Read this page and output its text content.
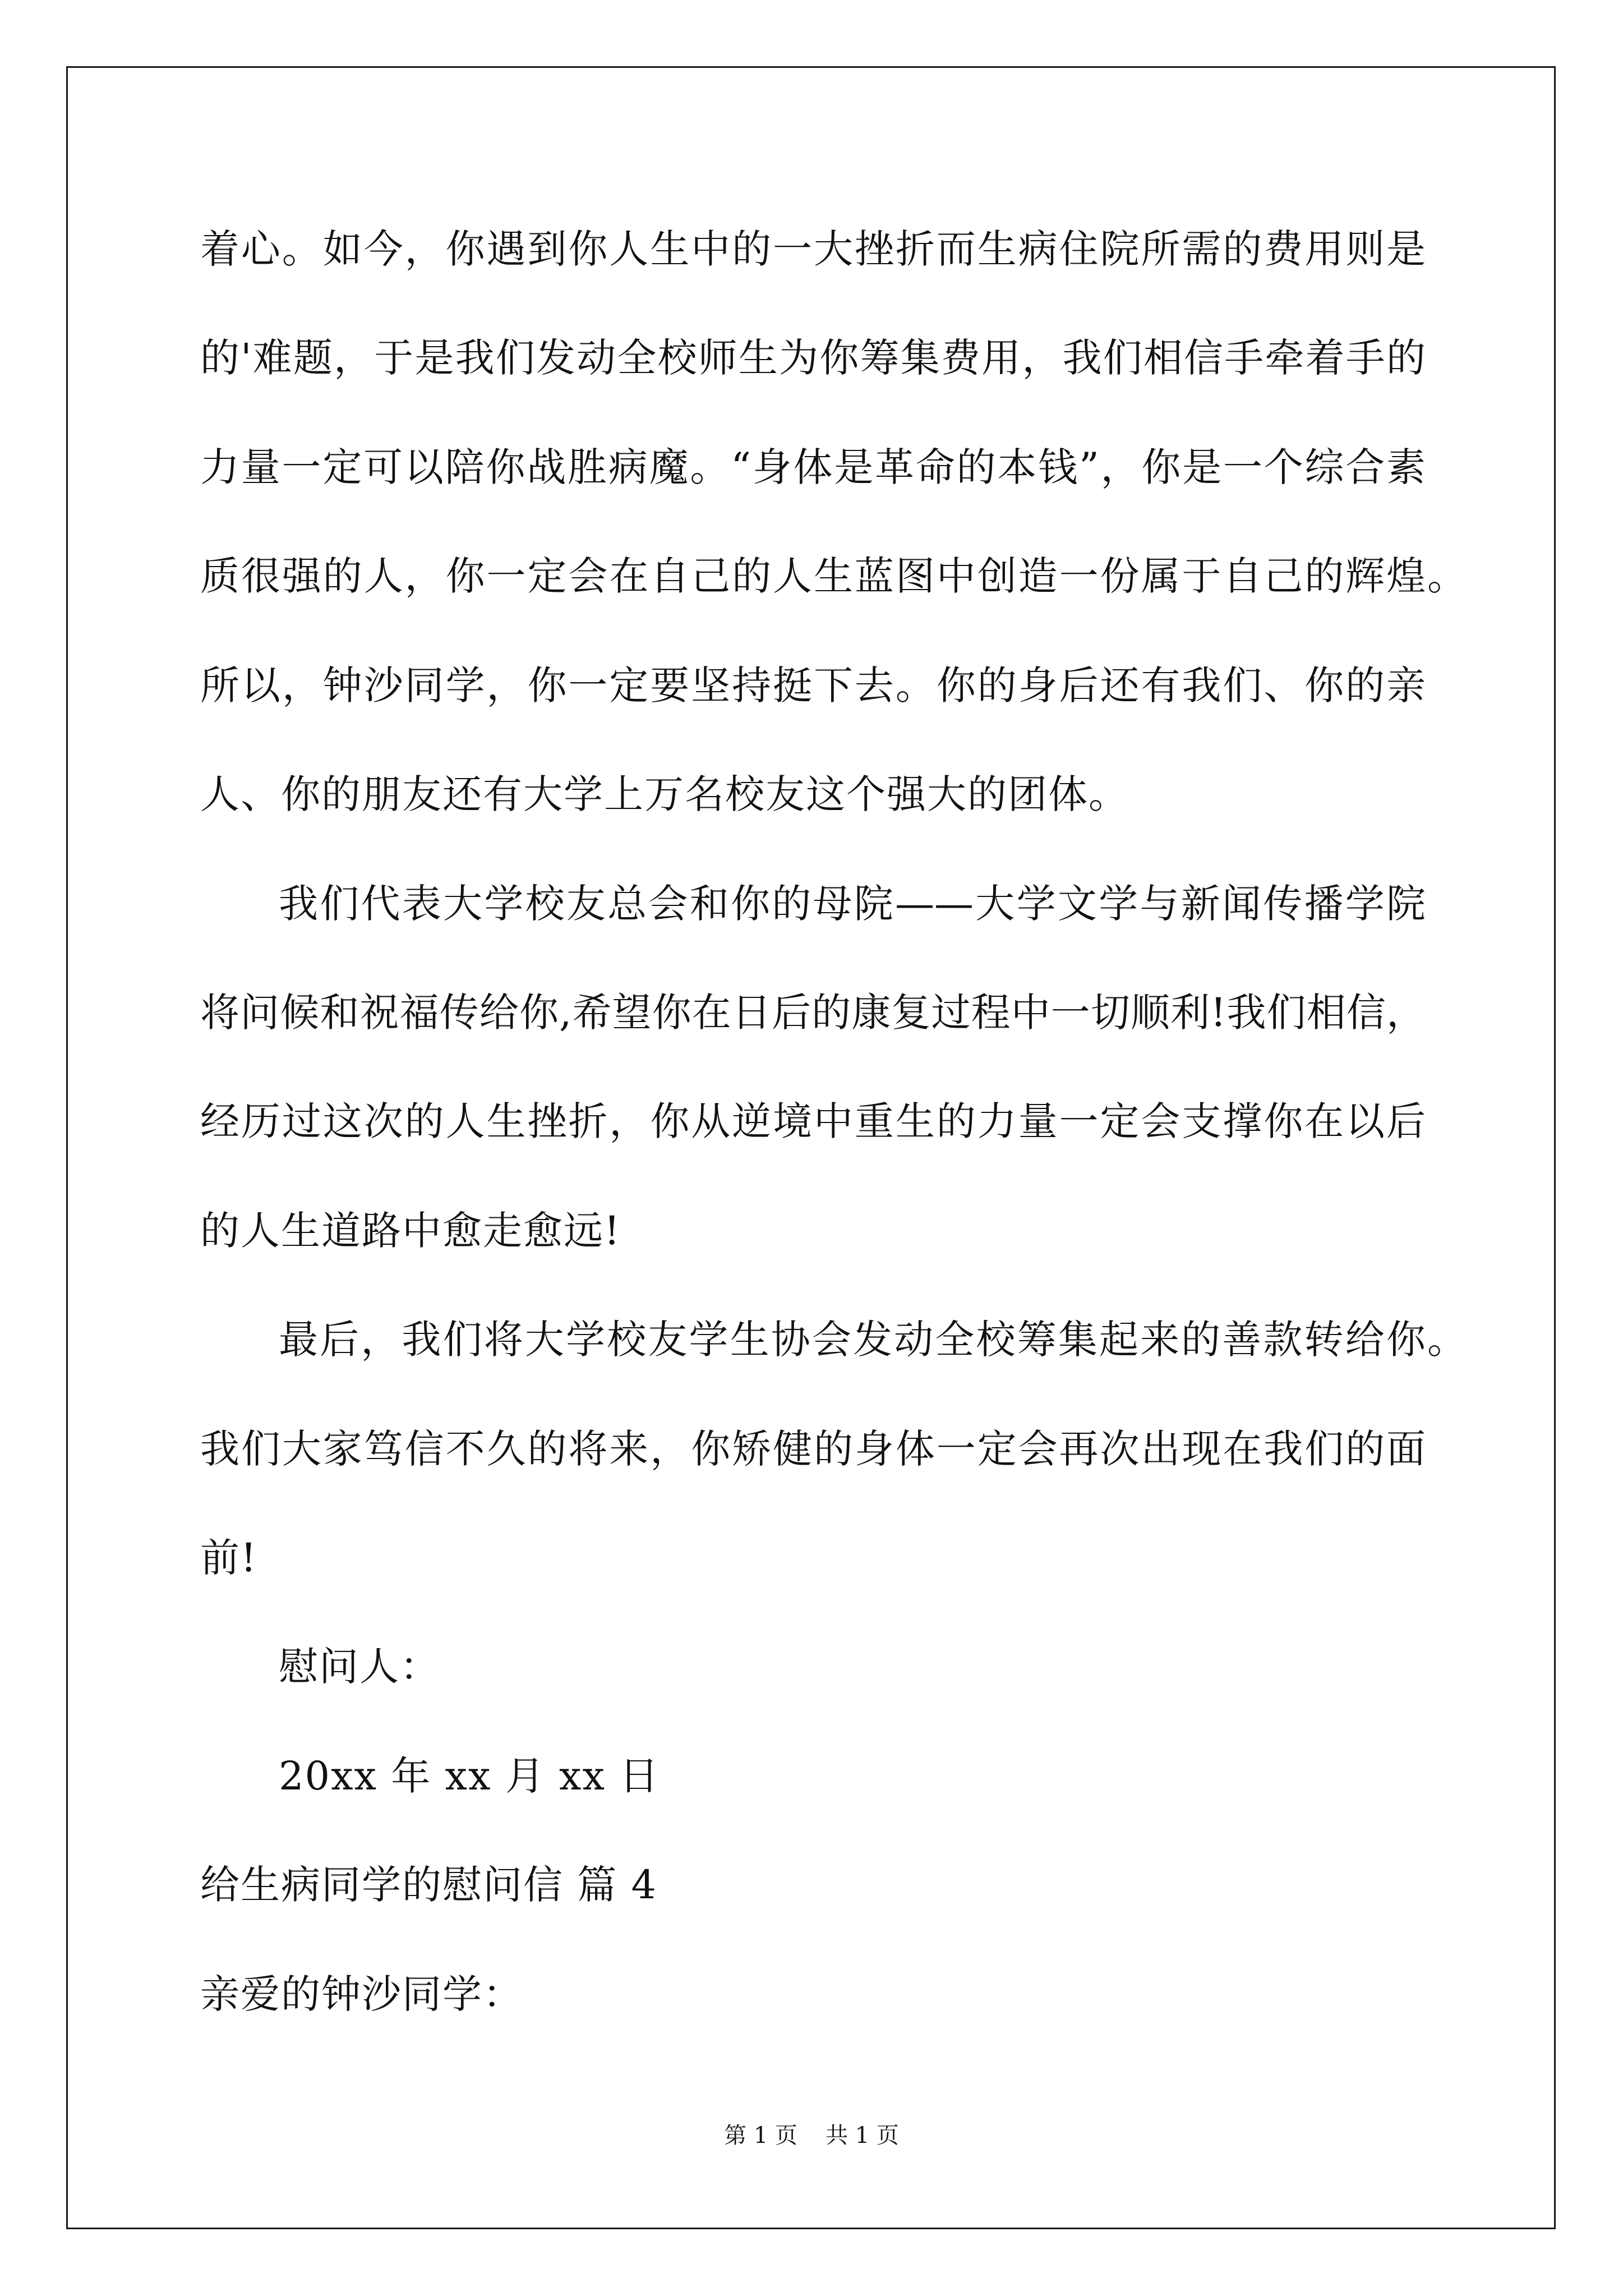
着心。如今，你遇到你人生中的一大挫折而生病住院所需的费用则是
的'难题，于是我们发动全校师生为你筹集费用，我们相信手牵着手的
力量一定可以陪你战胜病魔。“身体是革命的本钱”，你是一个综合素
质很强的人，你一定会在自己的人生蓝图中创造一份属于自己的辉煌。
所以，钟沙同学，你一定要坚持挺下去。你的身后还有我们、你的亲
人、你的朋友还有大学上万名校友这个强大的团体。
我们代表大学校友总会和你的母院——大学文学与新闻传播学院
将问候和祝福传给你,希望你在日后的康复过程中一切顺利!我们相信，
经历过这次的人生挫折，你从逆境中重生的力量一定会支撑你在以后
的人生道路中愈走愈远!
最后，我们将大学校友学生协会发动全校筹集起来的善款转给你。
我们大家笃信不久的将来，你矫健的身体一定会再次出现在我们的面
前!
慰问人：
20xx 年 xx 月 xx 日
给生病同学的慰问信 篇 4
亲爱的钟沙同学：
第 1 页 共 1 页
